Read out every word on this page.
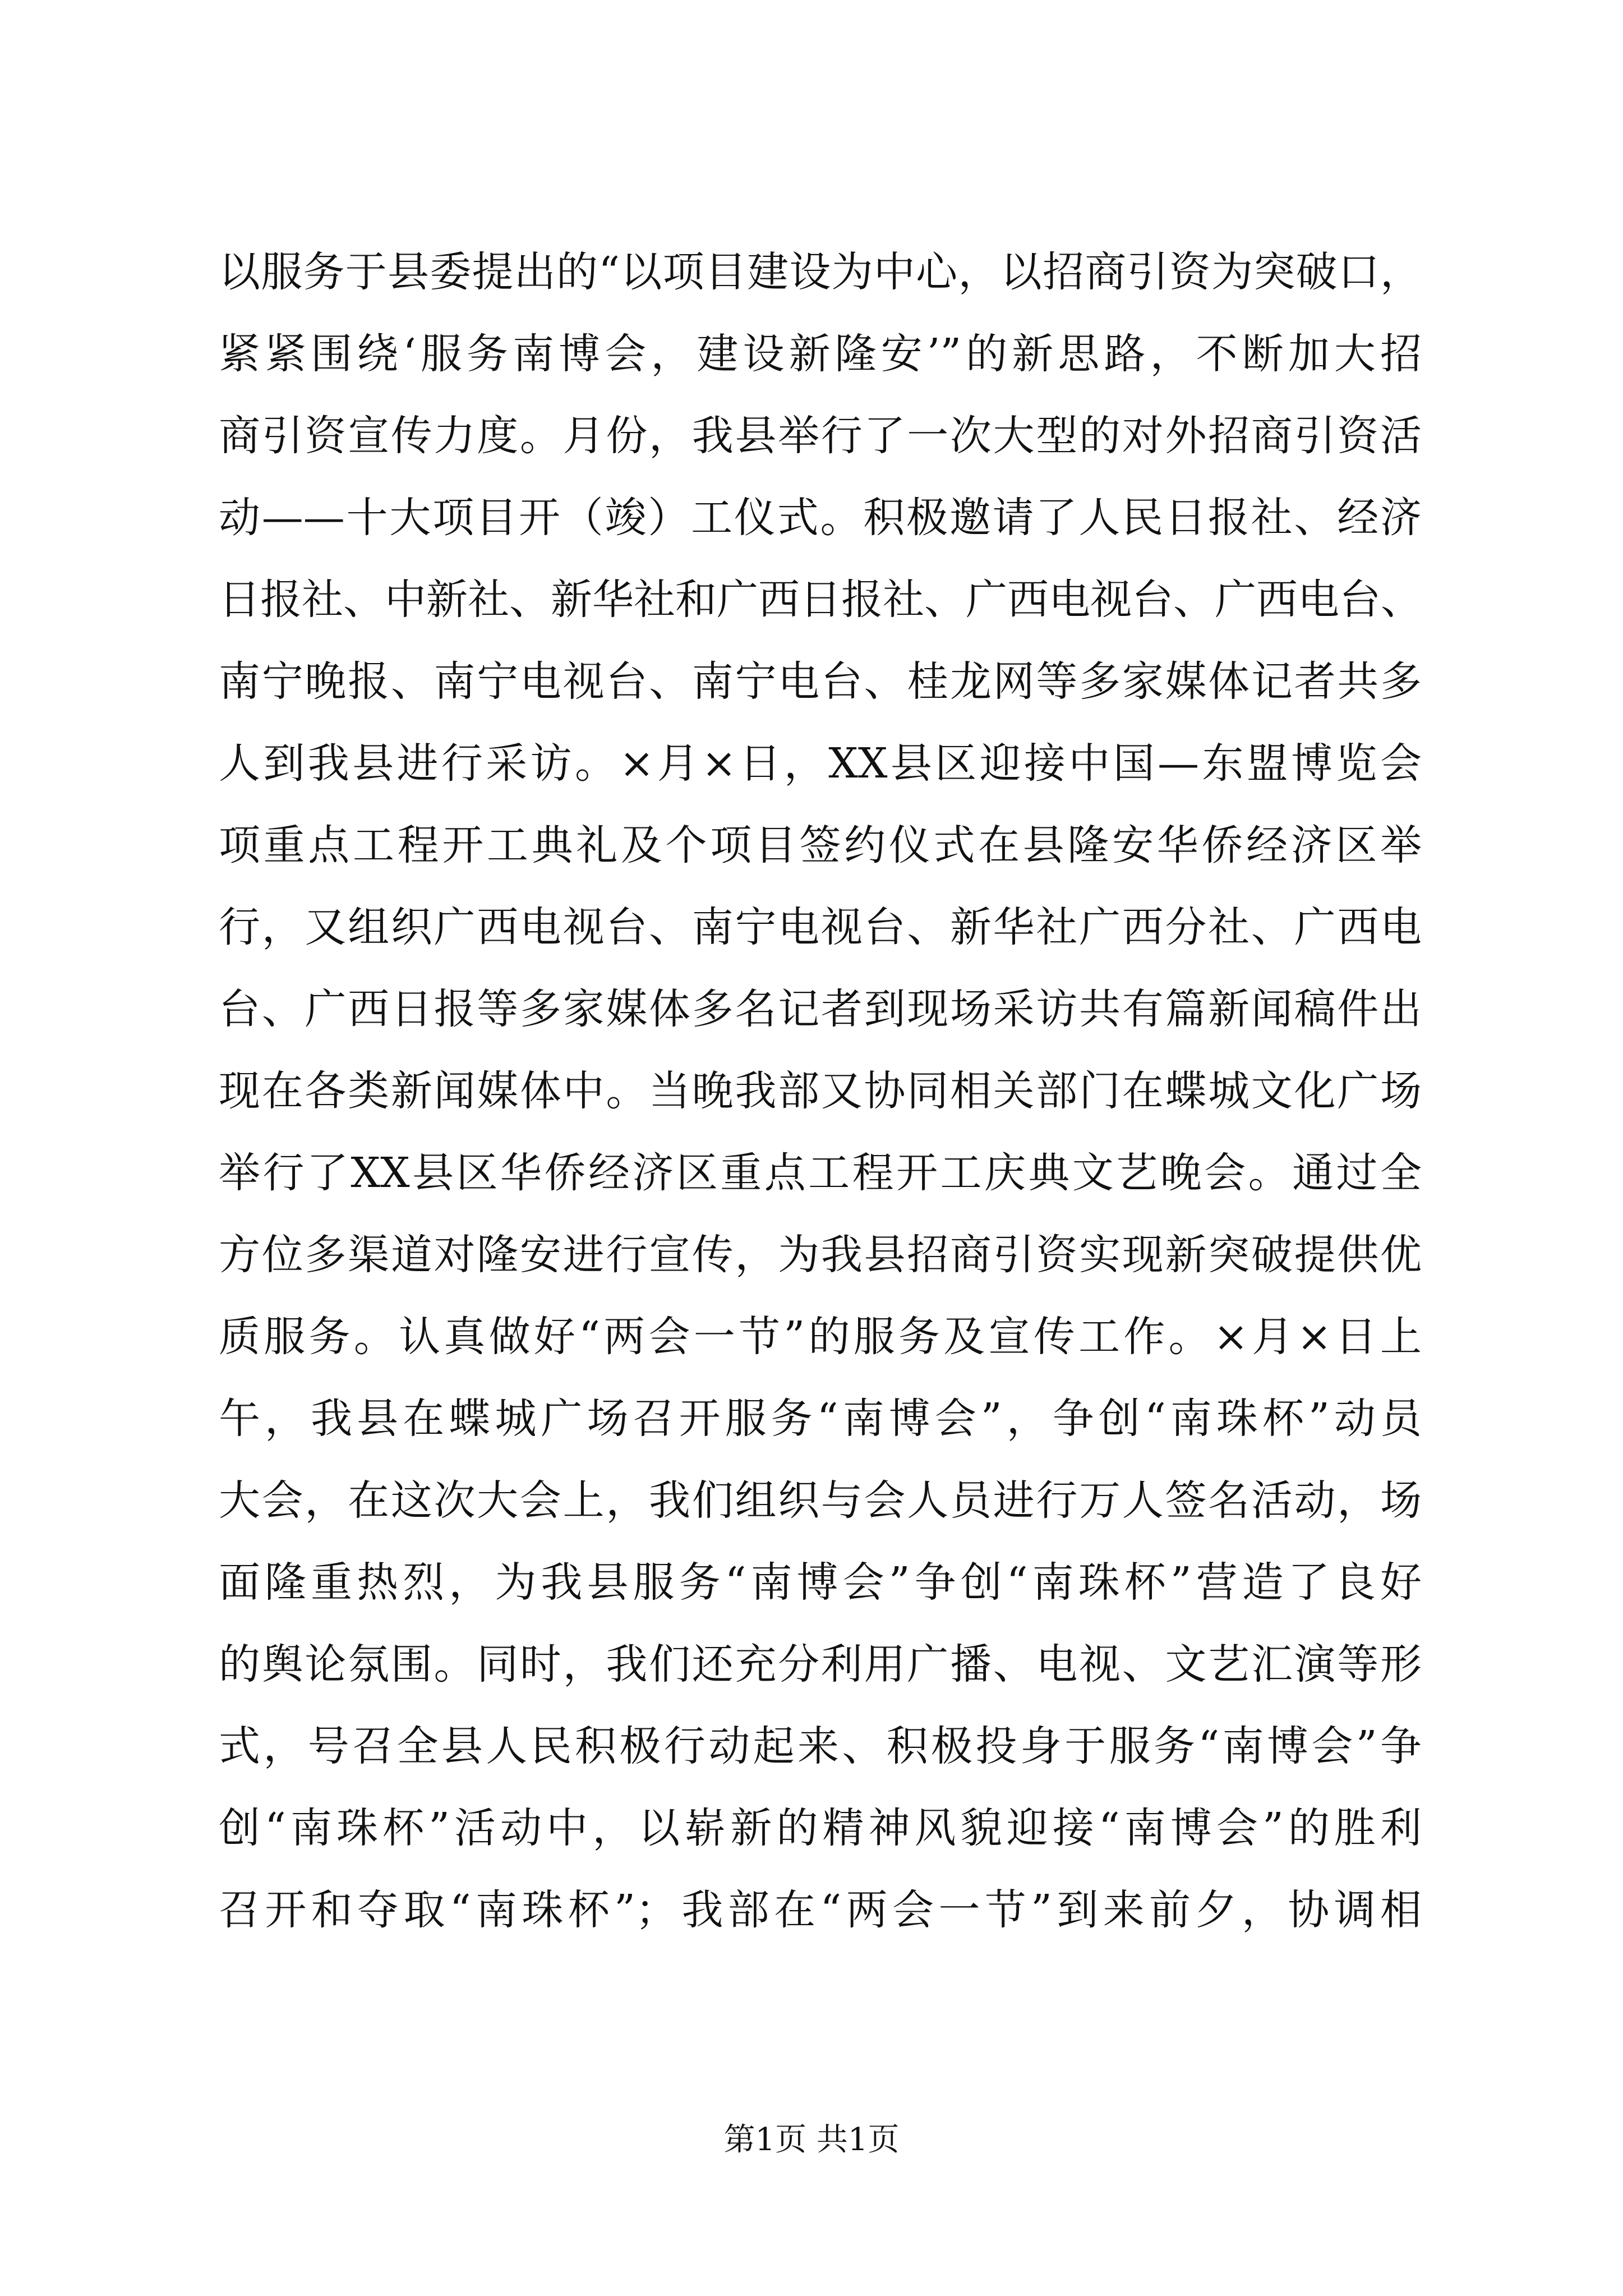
以服务于县委提出的“以项目建设为中心，以招商引资为突破口，
紧紧围绕‘服务南博会，建设新隆安’”的新思路，不断加大招
商引资宣传力度。月份，我县举行了一次大型的对外招商引资活
动——十大项目开（竣）工仪式。积极邀请了人民日报社、经济
日报社、中新社、新华社和广西日报社、广西电视台、广西电台、
南宁晚报、南宁电视台、南宁电台、桂龙网等多家媒体记者共多
人到我县进行采访。×月×日，XX县区迎接中国—东盟博览会
项重点工程开工典礼及个项目签约仪式在县隆安华侨经济区举
行，又组织广西电视台、南宁电视台、新华社广西分社、广西电
台、广西日报等多家媒体多名记者到现场采访共有篇新闻稿件出
现在各类新闻媒体中。当晚我部又协同相关部门在蝶城文化广场
举行了XX县区华侨经济区重点工程开工庆典文艺晚会。通过全
方位多渠道对隆安进行宣传，为我县招商引资实现新突破提供优
质服务。认真做好“两会一节”的服务及宣传工作。×月×日上
午，我县在蝶城广场召开服务“南博会”，争创“南珠杯”动员
大会，在这次大会上，我们组织与会人员进行万人签名活动，场
面隆重热烈，为我县服务“南博会”争创“南珠杯”营造了良好
的舆论氛围。同时，我们还充分利用广播、电视、文艺汇演等形
式，号召全县人民积极行动起来、积极投身于服务“南博会”争
创“南珠杯”活动中，以崭新的精神风貌迎接“南博会”的胜利
召开和夺取“南珠杯”；我部在“两会一节”到来前夕，协调相
第1页 共1页
